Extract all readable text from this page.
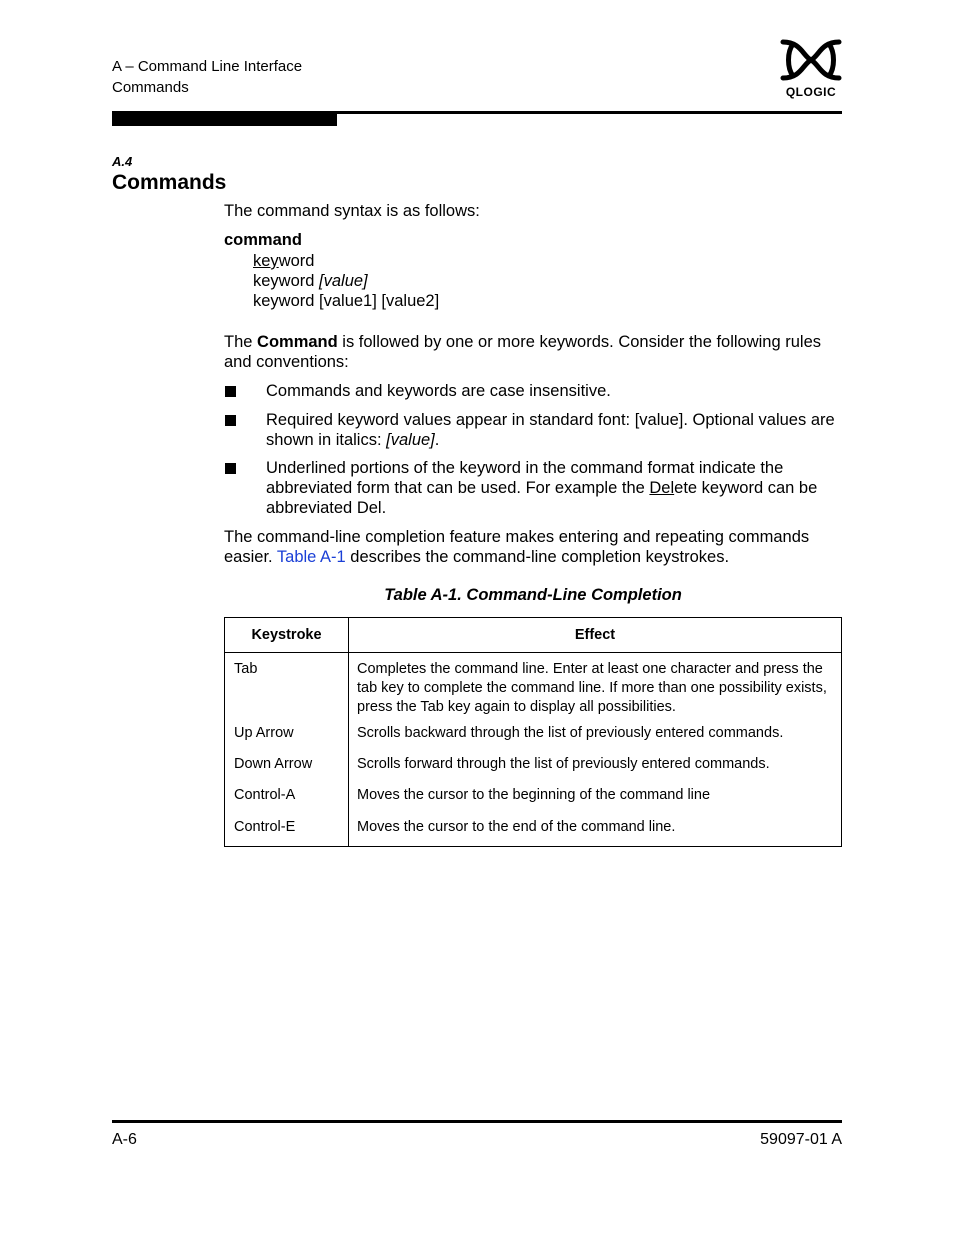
A – Command Line Interface
Commands	QLOGIC
A.4
Commands
The command syntax is as follows:
command
keyword
keyword [value]
keyword [value1] [value2]
The Command is followed by one or more keywords. Consider the following rules and conventions:
Commands and keywords are case insensitive.
Required keyword values appear in standard font: [value]. Optional values are shown in italics: [value].
Underlined portions of the keyword in the command format indicate the abbreviated form that can be used. For example the Delete keyword can be abbreviated Del.
The command-line completion feature makes entering and repeating commands easier. Table A-1 describes the command-line completion keystrokes.
Table A-1. Command-Line Completion
Keystroke	Effect
Tab	Completes the command line. Enter at least one character and press the tab key to complete the command line. If more than one possibility exists, press the Tab key again to display all possibilities.
Up Arrow	Scrolls backward through the list of previously entered commands.
Down Arrow	Scrolls forward through the list of previously entered commands.
Control-A	Moves the cursor to the beginning of the command line
Control-E	Moves the cursor to the end of the command line.
A-6	59097-01 A
